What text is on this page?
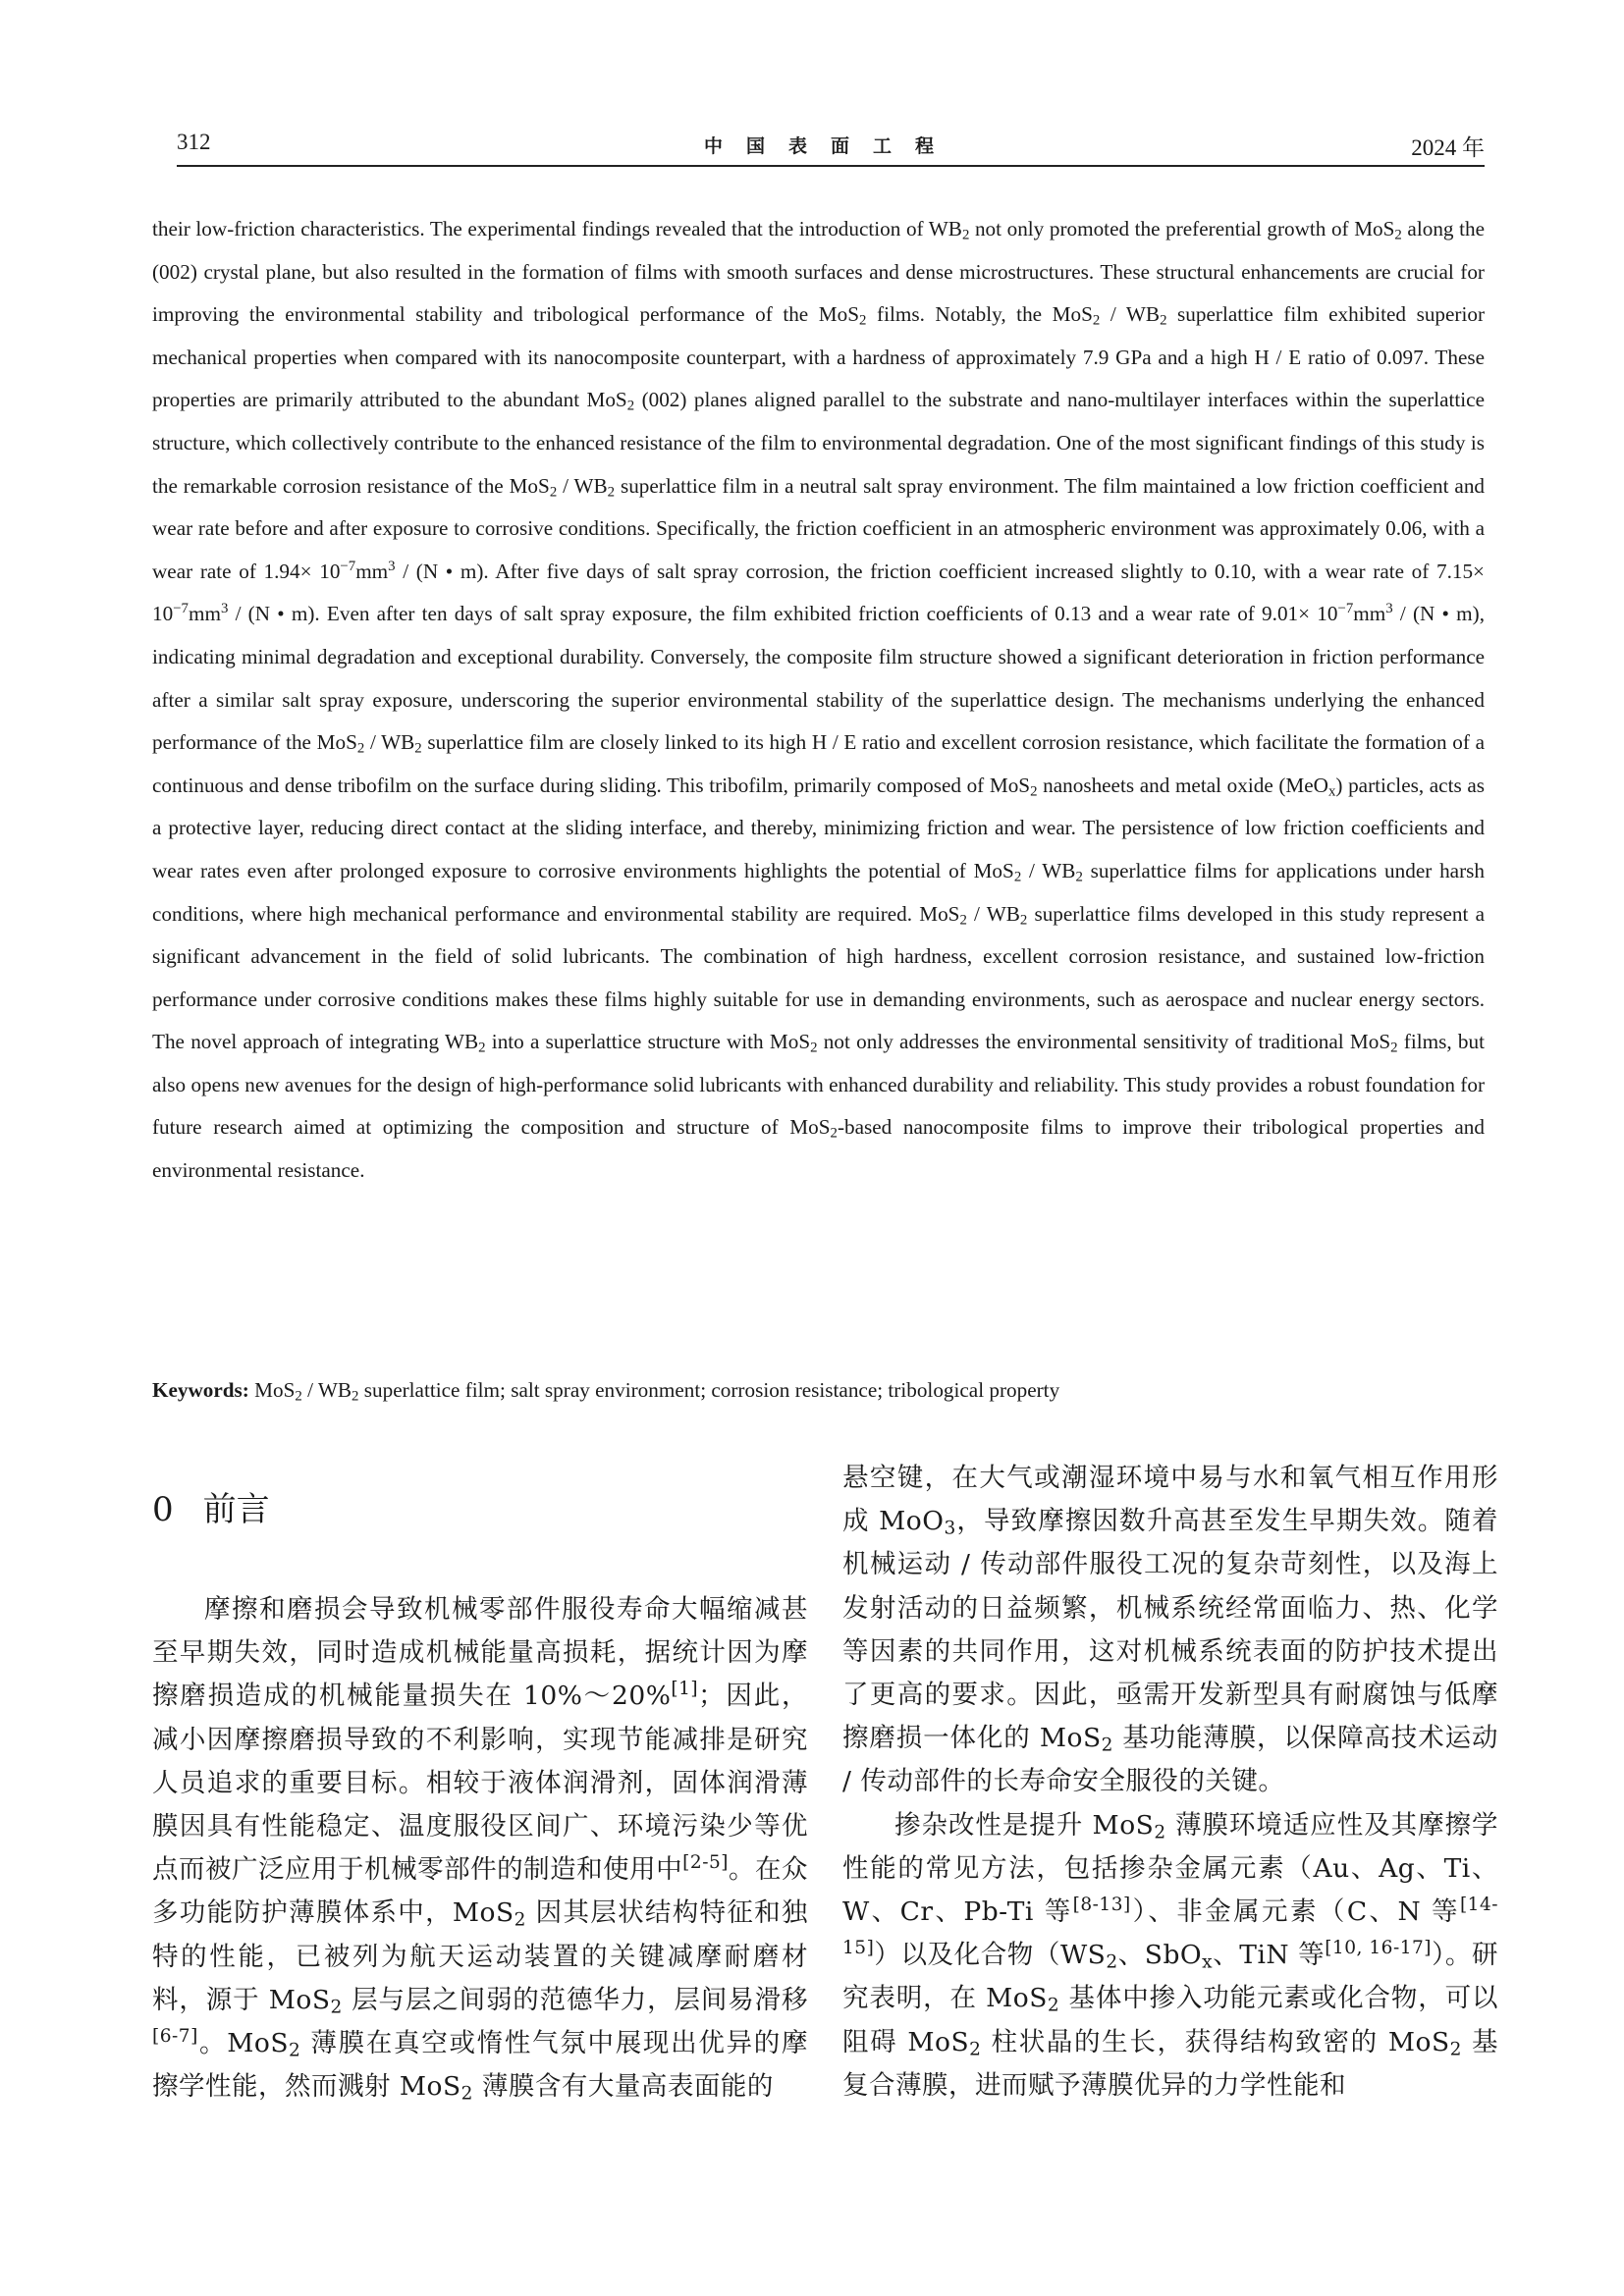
312	中国表面工程	2024 年

their low-friction characteristics. The experimental findings revealed that the introduction of $WB_2$ not only promoted the preferential growth of MoS$_2$ along the (002) crystal plane, but also resulted in the formation of films with smooth surfaces and dense microstructures. These structural enhancements are crucial for improving the environmental stability and tribological performance of the MoS$_2$ films. Notably, the $MoS_2 / WB_2$ superlattice film exhibited superior mechanical properties when compared with its nanocomposite counterpart, with a hardness of approximately 7.9 GPa and a high H / E ratio of 0.097. These properties are primarily attributed to the abundant MoS$_2$ (002) planes aligned parallel to the substrate and nano-multilayer interfaces within the superlattice structure, which collectively contribute to the enhanced resistance of the film to environmental degradation. One of the most significant findings of this study is the remarkable corrosion resistance of the $MoS_2 / WB_2$ superlattice film in a neutral salt spray environment. The film maintained a low friction coefficient and wear rate before and after exposure to corrosive conditions. Specifically, the friction coefficient in an atmospheric environment was approximately 0.06, with a wear rate of $1.94\times 10^{-7}mm^3 / (N$ • m). After five days of salt spray corrosion, the friction coefficient increased slightly to 0.10, with a wear rate of $7.15\times 10^{-7}mm^3 / (N$ • m). Even after ten days of salt spray exposure, the film exhibited friction coefficients of 0.13 and a wear rate of $9.01\times 10^{-7}mm^3 / (N$ • m), indicating minimal degradation and exceptional durability. Conversely, the composite film structure showed a significant deterioration in friction performance after a similar salt spray exposure, underscoring the superior environmental stability of the superlattice design. The mechanisms underlying the enhanced performance of the $MoS_2 / WB_2$ superlattice film are closely linked to its high H / E ratio and excellent corrosion resistance, which facilitate the formation of a continuous and dense tribofilm on the surface during sliding. This tribofilm, primarily composed of MoS$_2$ nanosheets and metal oxide (MeO$_x$) particles, acts as a protective layer, reducing direct contact at the sliding interface, and thereby, minimizing friction and wear. The persistence of low friction coefficients and wear rates even after prolonged exposure to corrosive environments highlights the potential of $MoS_2 / WB_2$ superlattice films for applications under harsh conditions, where high mechanical performance and environmental stability are required. $MoS_2 / WB_2$ superlattice films developed in this study represent a significant advancement in the field of solid lubricants. The combination of high hardness, excellent corrosion resistance, and sustained low-friction performance under corrosive conditions makes these films highly suitable for use in demanding environments, such as aerospace and nuclear energy sectors. The novel approach of integrating $WB_2$ into a superlattice structure with MoS$_2$ not only addresses the environmental sensitivity of traditional MoS$_2$ films, but also opens new avenues for the design of high-performance solid lubricants with enhanced durability and reliability. This study provides a robust foundation for future research aimed at optimizing the composition and structure of MoS$_2$-based nanocomposite films to improve their tribological properties and environmental resistance.

Keywords: $MoS_2 / WB_2$ superlattice film; salt spray environment; corrosion resistance; tribological property
0 前言

摩擦和磨损会导致机械零部件服役寿命大幅缩减甚至早期失效，同时造成机械能量高损耗，据统计因为摩擦磨损造成的机械能量损失在 10%～20%[1]；因此，减小因摩擦磨损导致的不利影响，实现节能减排是研究人员追求的重要目标。相较于液体润滑剂，固体润滑薄膜因具有性能稳定、温度服役区间广、环境污染少等优点而被广泛应用于机械零部件的制造和使用中[2-5]。在众多功能防护薄膜体系中，MoS$_2$ 因其层状结构特征和独特的性能，已被列为航天运动装置的关键减摩耐磨材料，源于 MoS$_2$ 层与层之间弱的范德华力，层间易滑移[6-7]。MoS$_2$ 薄膜在真空或惰性气氛中展现出优异的摩擦学性能，然而溅射 MoS$_2$ 薄膜含有大量高表面能的

悬空键，在大气或潮湿环境中易与水和氧气相互作用形成 MoO$_3$，导致摩擦因数升高甚至发生早期失效。随着机械运动 / 传动部件服役工况的复杂苛刻性，以及海上发射活动的日益频繁，机械系统经常面临力、热、化学等因素的共同作用，这对机械系统表面的防护技术提出了更高的要求。因此，亟需开发新型具有耐腐蚀与低摩擦磨损一体化的 MoS$_2$ 基功能薄膜，以保障高技术运动 / 传动部件的长寿命安全服役的关键。

掺杂改性是提升 MoS$_2$ 薄膜环境适应性及其摩擦学性能的常见方法，包括掺杂金属元素（Au、Ag、Ti、W、Cr、Pb-Ti 等[8-13]）、非金属元素（C、N 等[14-15]）以及化合物（$WS_2$、SbO$_x$、TiN 等[10, 16-17]）。研究表明，在 MoS$_2$ 基体中掺入功能元素或化合物，可以阻碍 MoS$_2$ 柱状晶的生长，获得结构致密的 MoS$_2$ 基复合薄膜，进而赋予薄膜优异的力学性能和
